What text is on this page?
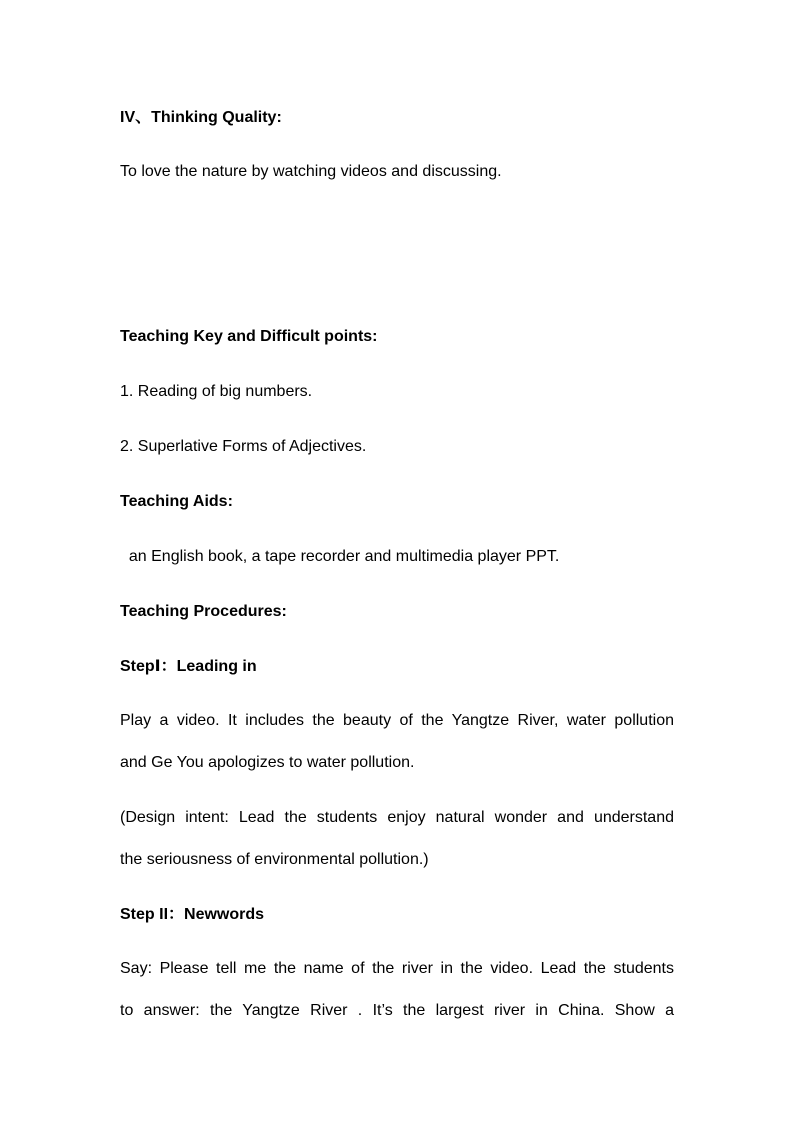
IV、Thinking Quality:
To love the nature by watching videos and discussing.
Teaching Key and Difficult points:
1. Reading of big numbers.
2. Superlative Forms of Adjectives.
Teaching Aids:
an English book, a tape recorder and multimedia player PPT.
Teaching Procedures:
StepⅠ：Leading in
Play a video. It includes the beauty of the Yangtze River, water pollution
and Ge You apologizes to water pollution.
(Design intent: Lead the students enjoy natural wonder and understand
the seriousness of environmental pollution.)
Step II：Newwords
Say: Please tell me the name of the river in the video. Lead the students
to answer: the Yangtze River . It’s the largest river in China. Show a
